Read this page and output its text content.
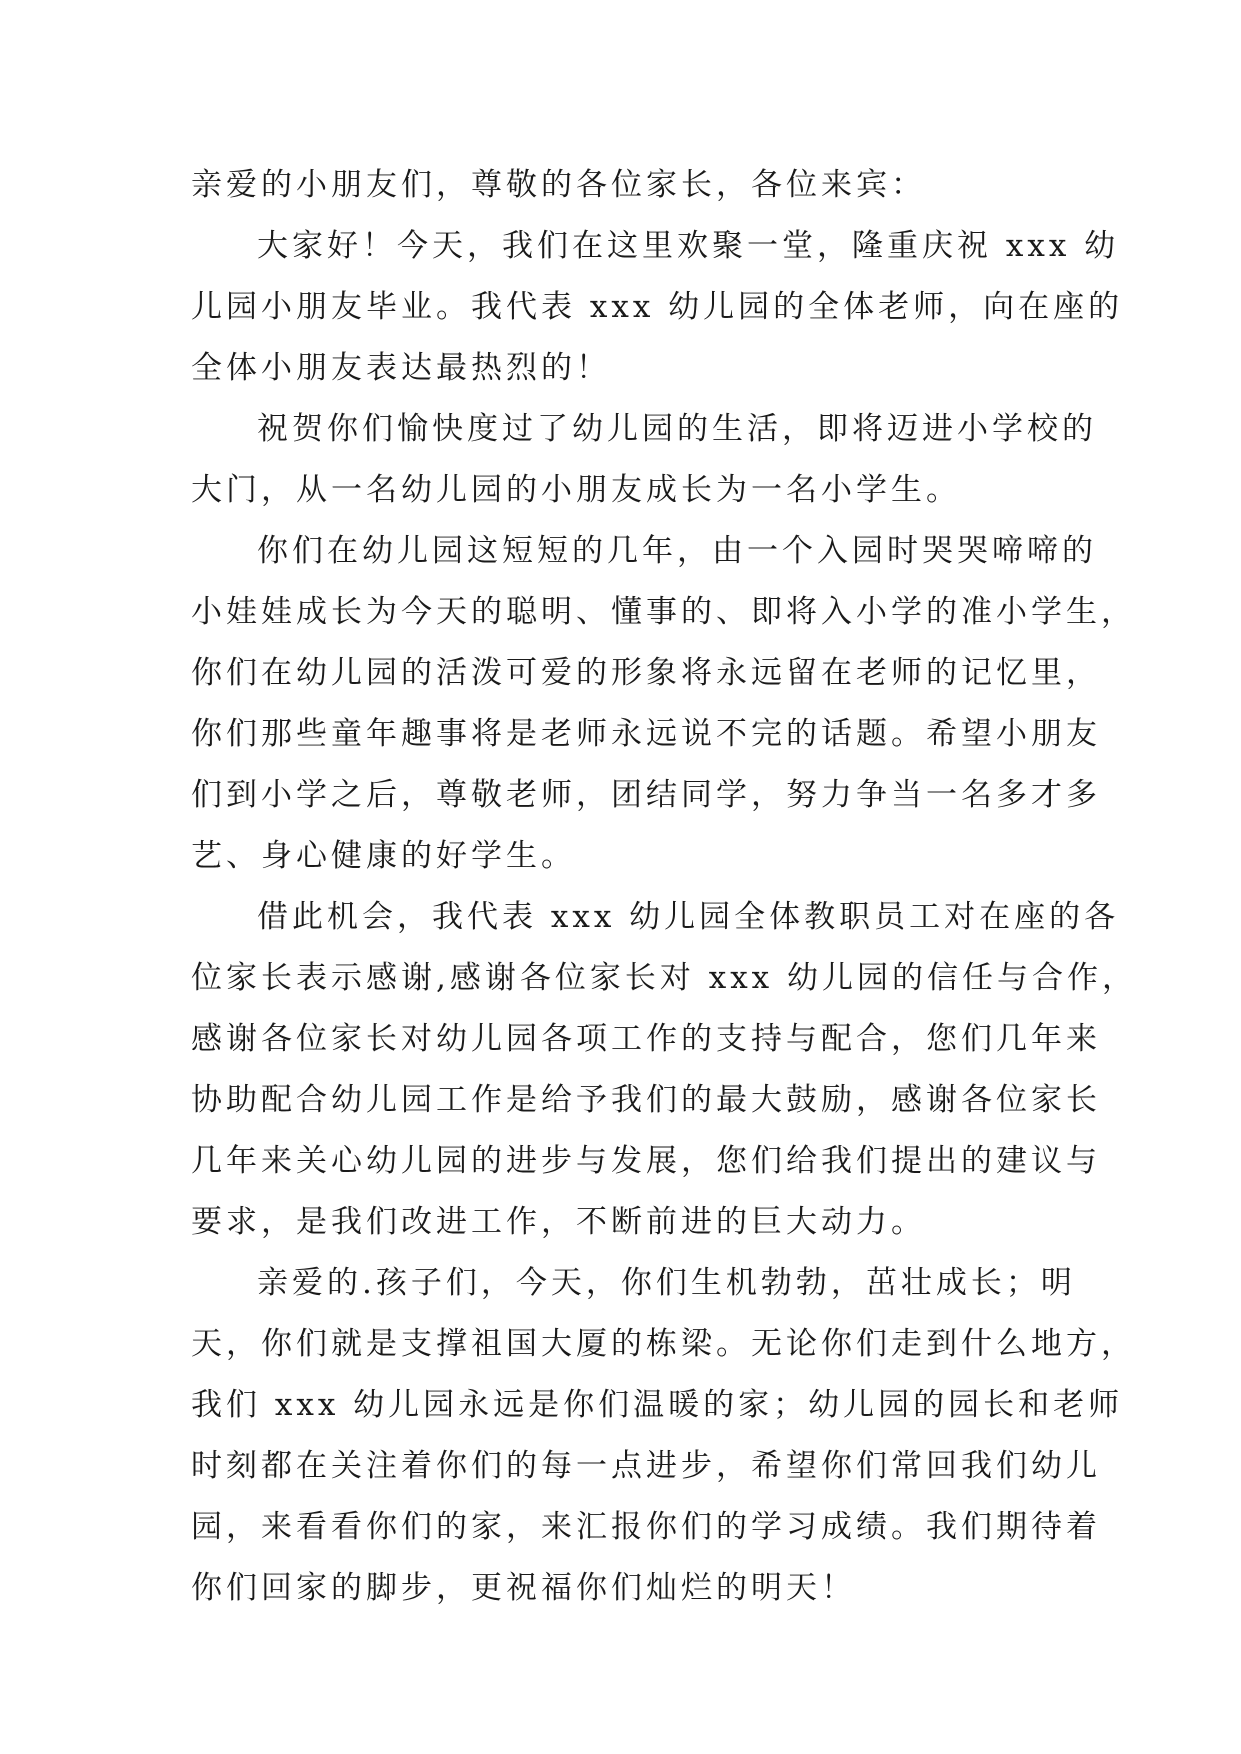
亲爱的小朋友们，尊敬的各位家长，各位来宾：
大家好！今天，我们在这里欢聚一堂，隆重庆祝 xxx 幼
儿园小朋友毕业。我代表 xxx 幼儿园的全体老师，向在座的
全体小朋友表达最热烈的！
祝贺你们愉快度过了幼儿园的生活，即将迈进小学校的
大门，从一名幼儿园的小朋友成长为一名小学生。
你们在幼儿园这短短的几年，由一个入园时哭哭啼啼的
小娃娃成长为今天的聪明、懂事的、即将入小学的准小学生，
你们在幼儿园的活泼可爱的形象将永远留在老师的记忆里，
你们那些童年趣事将是老师永远说不完的话题。希望小朋友
们到小学之后，尊敬老师，团结同学，努力争当一名多才多
艺、身心健康的好学生。
借此机会，我代表 xxx 幼儿园全体教职员工对在座的各
位家长表示感谢,感谢各位家长对 xxx 幼儿园的信任与合作，
感谢各位家长对幼儿园各项工作的支持与配合，您们几年来
协助配合幼儿园工作是给予我们的最大鼓励，感谢各位家长
几年来关心幼儿园的进步与发展，您们给我们提出的建议与
要求，是我们改进工作，不断前进的巨大动力。
亲爱的.孩子们，今天，你们生机勃勃，茁壮成长；明
天，你们就是支撑祖国大厦的栋梁。无论你们走到什么地方，
我们 xxx 幼儿园永远是你们温暖的家；幼儿园的园长和老师
时刻都在关注着你们的每一点进步，希望你们常回我们幼儿
园，来看看你们的家，来汇报你们的学习成绩。我们期待着
你们回家的脚步，更祝福你们灿烂的明天！
